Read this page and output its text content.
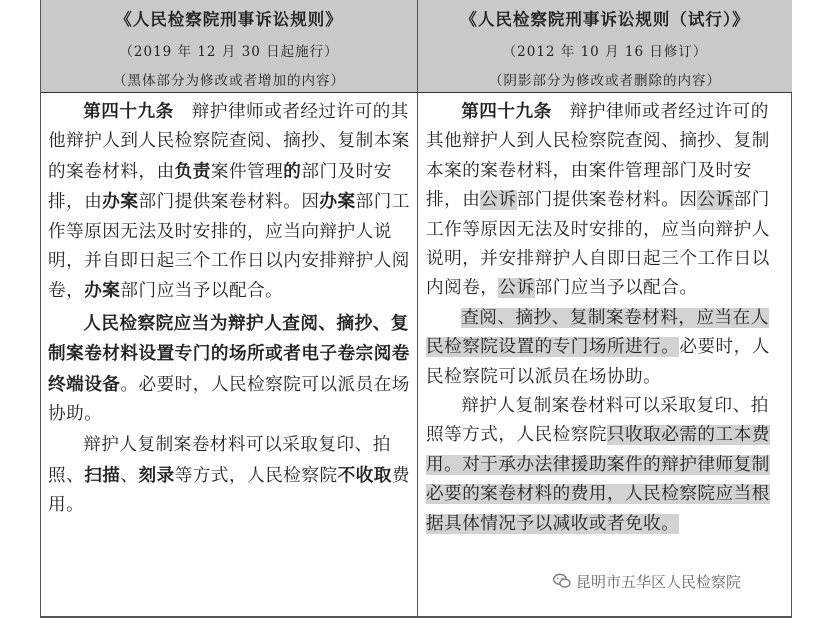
《人民检察院刑事诉讼规则》
（2019 年 12 月 30 日起施行）
（黑体部分为修改或者增加的内容）
《人民检察院刑事诉讼规则（试行）》
（2012 年 10 月 16 日修订）
（阴影部分为修改或者删除的内容）

第四十九条　辩护律师或者经过许可的其他辩护人到人民检察院查阅、摘抄、复制本案的案卷材料，由负责案件管理的部门及时安排，由办案部门提供案卷材料。因办案部门工作等原因无法及时安排的，应当向辩护人说明，并自即日起三个工作日以内安排辩护人阅卷，办案部门应当予以配合。

人民检察院应当为辩护人查阅、摘抄、复制案卷材料设置专门的场所或者电子卷宗阅卷终端设备。必要时，人民检察院可以派员在场协助。

辩护人复制案卷材料可以采取复印、拍照、扫描、刻录等方式，人民检察院不收取费用。

第四十九条　辩护律师或者经过许可的其他辩护人到人民检察院查阅、摘抄、复制本案的案卷材料，由案件管理部门及时安排，由公诉部门提供案卷材料。因公诉部门工作等原因无法及时安排的，应当向辩护人说明，并安排辩护人自即日起三个工作日以内阅卷，公诉部门应当予以配合。

查阅、摘抄、复制案卷材料，应当在人民检察院设置的专门场所进行。必要时，人民检察院可以派员在场协助。

辩护人复制案卷材料可以采取复印、拍照等方式，人民检察院只收取必需的工本费用。对于承办法律援助案件的辩护律师复制必要的案卷材料的费用，人民检察院应当根据具体情况予以减收或者免收。

昆明市五华区人民检察院
